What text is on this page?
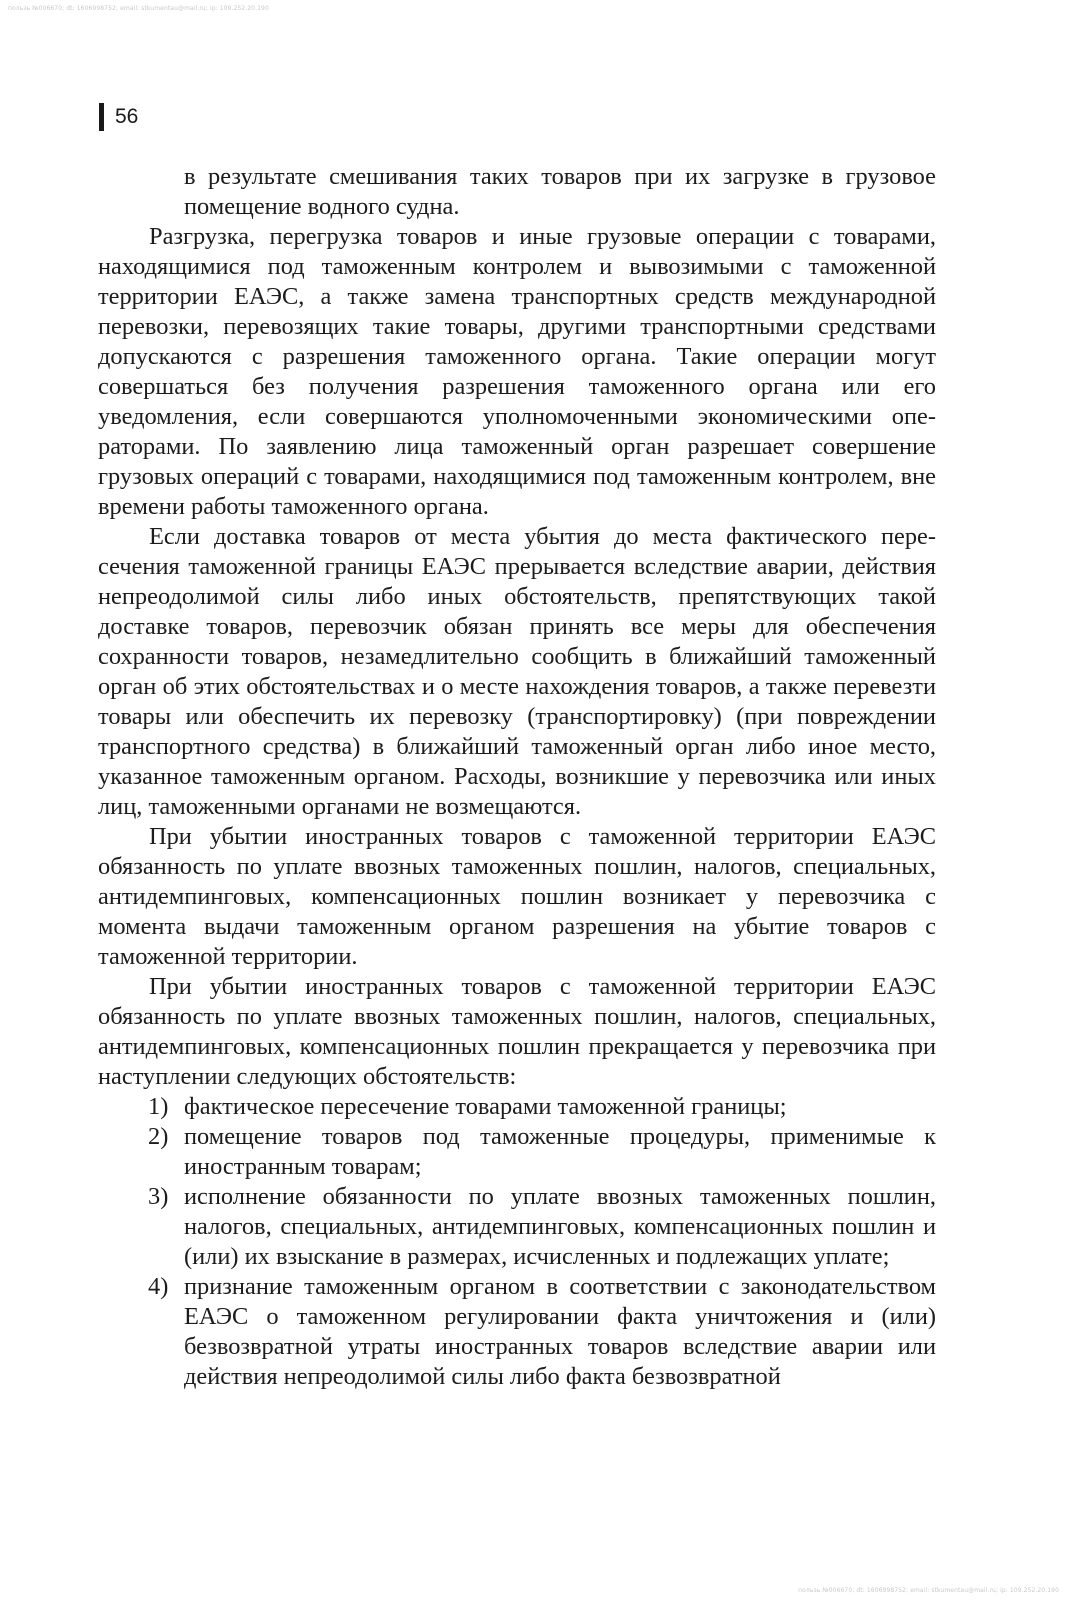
пользь №006670; dt: 1606998752; email: stkumentau@mail.ru; ip: 109.252.20.190
56

в результате смешивания таких товаров при их загрузке в грузовое помещение водного судна.

Разгрузка, перегрузка товаров и иные грузовые операции с товарами, находящимися под таможенным контролем и вывозимыми с таможенной территории ЕАЭС, а также замена транспортных средств международной перевозки, перевозящих такие товары, другими транспортными средствами допускаются с разрешения таможенного органа. Такие операции могут совершаться без получения разрешения таможенного органа или его уведомления, если совершаются уполномоченными экономическими операторами. По заявлению лица таможенный орган разрешает совершение грузовых операций с товарами, находящимися под таможенным контролем, вне времени работы таможенного органа.

Если доставка товаров от места убытия до места фактического пересечения таможенной границы ЕАЭС прерывается вследствие аварии, действия непреодолимой силы либо иных обстоятельств, препятствующих такой доставке товаров, перевозчик обязан принять все меры для обеспечения сохранности товаров, незамедлительно сообщить в ближайший таможенный орган об этих обстоятельствах и о месте нахождения товаров, а также перевезти товары или обеспечить их перевозку (транспортировку) (при повреждении транспортного средства) в ближайший таможенный орган либо иное место, указанное таможенным органом. Расходы, возникшие у перевозчика или иных лиц, таможенными органами не возмещаются.

При убытии иностранных товаров с таможенной территории ЕАЭС обязанность по уплате ввозных таможенных пошлин, налогов, специальных, антидемпинговых, компенсационных пошлин возникает у перевозчика с момента выдачи таможенным органом разрешения на убытие товаров с таможенной территории.

При убытии иностранных товаров с таможенной территории ЕАЭС обязанность по уплате ввозных таможенных пошлин, налогов, специальных, антидемпинговых, компенсационных пошлин прекращается у перевозчика при наступлении следующих обстоятельств:

1) фактическое пересечение товарами таможенной границы;
2) помещение товаров под таможенные процедуры, применимые к иностранным товарам;
3) исполнение обязанности по уплате ввозных таможенных пошлин, налогов, специальных, антидемпинговых, компенсационных пошлин и (или) их взыскание в размерах, исчисленных и подлежащих уплате;
4) признание таможенным органом в соответствии с законодательством ЕАЭС о таможенном регулировании факта уничтожения и (или) безвозвратной утраты иностранных товаров вследствие аварии или действия непреодолимой силы либо факта безвозвратной
пользь №006670; dt: 1606998752; email: stkumentau@mail.ru; ip: 109.252.20.190
